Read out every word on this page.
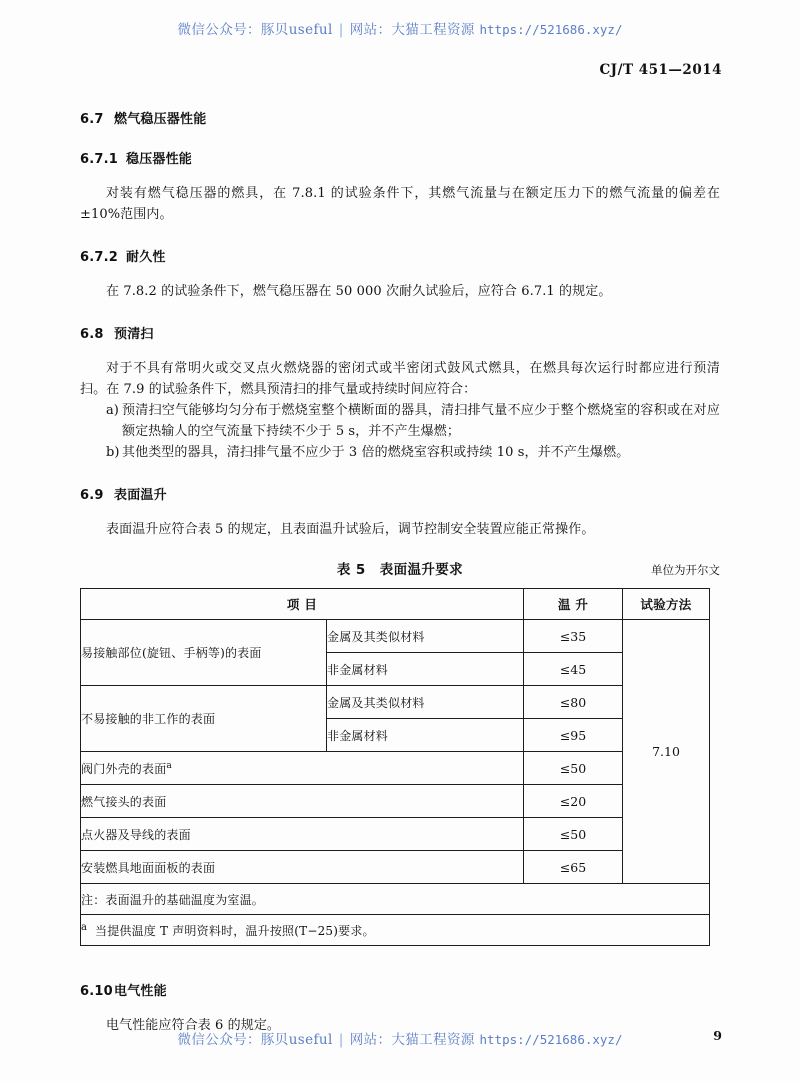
微信公众号：豚贝useful | 网站：大猫工程资源 https://521686.xyz/
CJ/T 451—2014
6.7 燃气稳压器性能
6.7.1 稳压器性能

对装有燃气稳压器的燃具，在 7.8.1 的试验条件下，其燃气流量与在额定压力下的燃气流量的偏差在±10%范围内。

6.7.2 耐久性

在 7.8.2 的试验条件下，燃气稳压器在 50 000 次耐久试验后，应符合 6.7.1 的规定。

6.8 预清扫

对于不具有常明火或交叉点火燃烧器的密闭式或半密闭式鼓风式燃具，在燃具每次运行时都应进行预清扫。在 7.9 的试验条件下，燃具预清扫的排气量或持续时间应符合：

a) 预清扫空气能够均匀分布于燃烧室整个横断面的器具，清扫排气量不应少于整个燃烧室的容积或在对应额定热输人的空气流量下持续不少于 5 s，并不产生爆燃；
b) 其他类型的器具，清扫排气量不应少于 3 倍的燃烧室容积或持续 10 s，并不产生爆燃。
6.9 表面温升

表面温升应符合表 5 的规定，且表面温升试验后，调节控制安全装置应能正常操作。

表 5 表面温升要求	单位为开尔文
项 目		温 升	试验方法
易接触部位(旋钮、手柄等)的表面	金属及其类似材料	≤35	7.10
	非金属材料	≤45	
不易接触的非工作的表面	金属及其类似材料	≤80	
	非金属材料	≤95	
阀门外壳的表面$^a$		≤50	
燃气接头的表面		≤20	
点火器及导线的表面		≤50	
安装燃具地面面板的表面		≤65	
注：表面温升的基础温度为室温。			
a 当提供温度 T 声明资料时，温升按照(T−25)要求。			
6.10电气性能

电气性能应符合表 6 的规定。

微信公众号：豚贝useful | 网站：大猫工程资源 https://521686.xyz/	9
